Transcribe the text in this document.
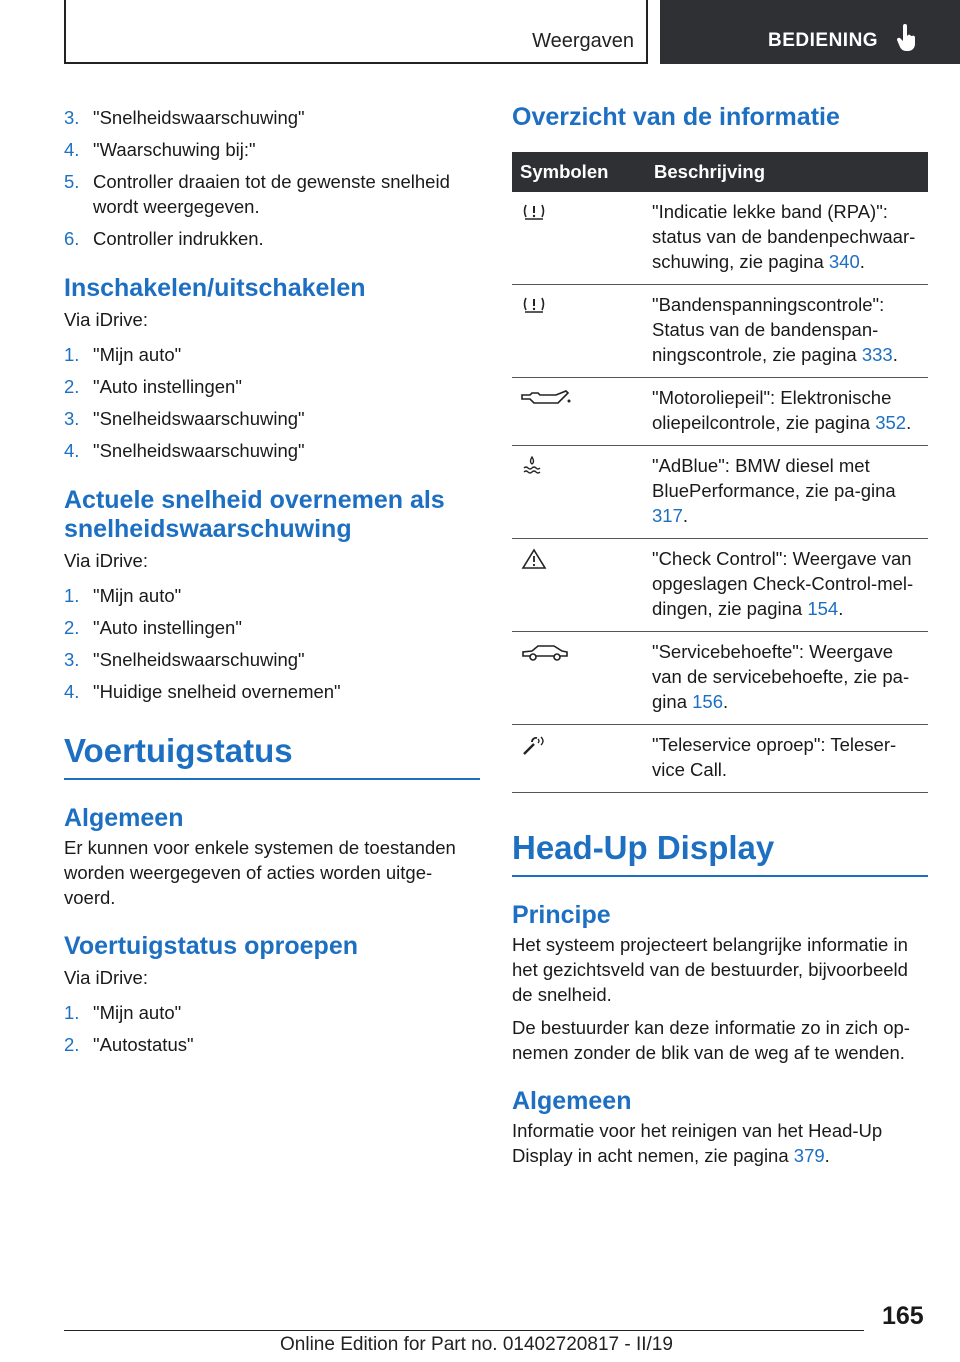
Weergaven	BEDIENING
3. "Snelheidswaarschuwing"
4. "Waarschuwing bij:"
5. Controller draaien tot de gewenste snelheid wordt weergegeven.
6. Controller indrukken.
Inschakelen/uitschakelen
Via iDrive:
1. "Mijn auto"
2. "Auto instellingen"
3. "Snelheidswaarschuwing"
4. "Snelheidswaarschuwing"
Actuele snelheid overnemen als snelheidswaarschuwing
Via iDrive:
1. "Mijn auto"
2. "Auto instellingen"
3. "Snelheidswaarschuwing"
4. "Huidige snelheid overnemen"
Voertuigstatus
Algemeen
Er kunnen voor enkele systemen de toestanden worden weergegeven of acties worden uitge-voerd.
Voertuigstatus oproepen
Via iDrive:
1. "Mijn auto"
2. "Autostatus"
Overzicht van de informatie
Symbolen	Beschrijving

	"Indicatie lekke band (RPA)": status van de bandenpechwaar-schuwing, zie pagina 340.

	"Bandenspanningscontrole": Status van de bandenspan-ningscontrole, zie pagina 333.

	"Motoroliepeil": Elektronische oliepeilcontrole, zie pagina 352.

	"AdBlue": BMW diesel met BluePerformance, zie pa-gina 317.

	"Check Control": Weergave van opgeslagen Check-Control-mel-dingen, zie pagina 154.

	"Servicebehoefte": Weergave van de servicebehoefte, zie pa-gina 156.

	"Teleservice oproep": Teleser-vice Call.
Head-Up Display
Principe
Het systeem projecteert belangrijke informatie in het gezichtsveld van de bestuurder, bijvoorbeeld de snelheid.
De bestuurder kan deze informatie zo in zich op-nemen zonder de blik van de weg af te wenden.
Algemeen
Informatie voor het reinigen van het Head-Up Display in acht nemen, zie pagina 379.
165
Online Edition for Part no. 01402720817 - II/19
